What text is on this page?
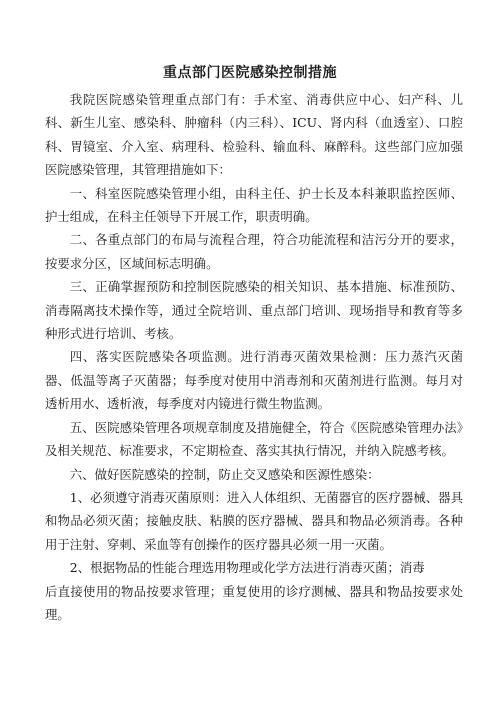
重点部门医院感染控制措施

我院医院感染管理重点部门有：手术室、消毒供应中心、妇产科、儿科、新生儿室、感染科、肿瘤科（内三科）、ICU、肾内科（血透室）、口腔科、胃镜室、介入室、病理科、检验科、输血科、麻醉科。这些部门应加强医院感染管理，其管理措施如下：

一、科室医院感染管理小组，由科主任、护士长及本科兼职监控医师、护士组成，在科主任领导下开展工作，职责明确。

二、各重点部门的布局与流程合理，符合功能流程和洁污分开的要求，按要求分区，区域间标志明确。

三、正确掌握预防和控制医院感染的相关知识、基本措施、标准预防、消毒隔离技术操作等，通过全院培训、重点部门培训、现场指导和教育等多种形式进行培训、考核。

四、落实医院感染各项监测。进行消毒灭菌效果检测：压力蒸汽灭菌器、低温等离子灭菌器；每季度对使用中消毒剂和灭菌剂进行监测。每月对透析用水、透析液，每季度对内镜进行微生物监测。

五、医院感染管理各项规章制度及措施健全，符合《医院感染管理办法》及相关规范、标准要求，不定期检查、落实其执行情况，并纳入院感考核。

六、做好医院感染的控制，防止交叉感染和医源性感染：

1、必须遵守消毒灭菌原则：进入人体组织、无菌器官的医疗器械、器具和物品必须灭菌；接触皮肤、粘膜的医疗器械、器具和物品必须消毒。各种用于注射、穿刺、采血等有创操作的医疗器具必须一用一灭菌。

2、根据物品的性能合理选用物理或化学方法进行消毒灭菌；消毒

后直接使用的物品按要求管理；重复使用的诊疗测械、器具和物品按要求处理。
